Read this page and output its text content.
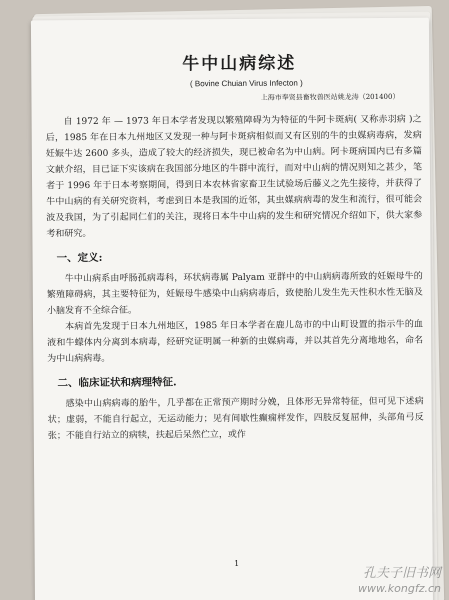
牛中山病综述

( Bovine Chuian Virus Infecton )

上海市奉贤县畜牧兽医站姚龙涛（201400）

自 1972 年 — 1973 年日本学者发现以繁殖障碍为为特征的牛阿卡斑病( 又称赤羽病 )之后，1985 年在日本九州地区又发现一种与阿卡斑病相似而又有区别的牛的虫媒病毒病，发病妊娠牛达 2600 多头，造成了较大的经济损失，现已被命名为中山病。阿卡斑病国内已有多篇文献介绍，目已证下实该病在我国部分地区的牛群中流行，而对中山病的情况则知之甚少，笔者于 1996 年于日本考察期间，得到日本农林省家畜卫生试验场后藤义之先生接待，并获得了牛中山病的有关研究资料，考虑到日本是我国的近邻，其虫媒病病毒的发生和流行，很可能会波及我国，为了引起同仁们的关注，现将日本牛中山病的发生和研究情况介绍如下，供大家参考和研究。

一、定义:

牛中山病系由呼肠孤病毒科，环状病毒属 Palyam 亚群中的中山病病毒所致的妊娠母牛的繁殖障碍病，其主要特征为，妊娠母牛感染中山病病毒后，致使胎儿发生先天性积水性无脑及小脑发育不全综合征。

本病首先发现于日本九州地区，1985 年日本学者在鹿儿岛市的中山町设置的指示牛的血液和牛蠓体内分离到本病毒，经研究证明属一种新的虫媒病毒，并以其首先分离地地名，命名为中山病病毒。

二、临床证状和病理特征.

感染中山病病毒的胎牛，几乎都在正常预产期时分娩，且体形无异常特征，但可见下述病状；虚弱，不能自行起立，无运动能力；见有间歇性癫痫样发作，四肢反复屈伸，头部角弓反张；不能自行站立的病犊，扶起后呆然伫立，或作

1
孔夫子旧书网
www.kongfz.cn
